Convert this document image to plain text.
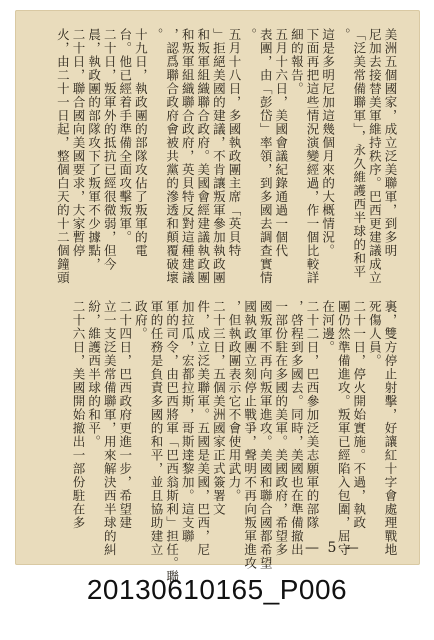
美洲五個國家，成立泛美聯軍，到多明
尼加去接替美軍維持秩序。巴西更建議成立
「泛美常備聯軍」，永久維護西半球的和平
。
這是多明尼加這幾個月來的大概情況。
下面再把這些情況演變經過，作一個比較詳
細的報告。
五月十六日，美國會議紀錄通過一個代
表團，由「彭岱」率領，到多國去調查實情
。
五月十八日，多國執政團主席「英貝特
」拒絕美國的建議，不肯讓叛軍參加執政團
和叛軍組織聯合政府。美國會經建議執政團
和叛軍組織聯合政府，英貝特反對這種建議
，認爲聯合政府會被共黨的滲透和顛覆破壞
。
十九日，執政團的部隊攻佔了叛軍的電
台。他已經着手準備全面攻擊叛軍。
二十日，叛軍外的抵抗已經很微弱，但今
晨，執政團的部隊攻下了叛軍不少據點，
二十日，聯合國向美國要求，大家暫停
火，由二十一日起，整個白天的十二個鐘頭
裏，雙方停止射擊，好讓紅十字會處理戰地
死傷人員。
二十一日，停火開始實施。不過，執政
團仍然準備進攻。叛軍已經陷入包圍，屈守
在河邊。
二十二日，巴西參加泛美志願軍的部隊
，啓程到多國去。同時，美國也在準備撤出
一部份駐在多國的美軍。美國政府，希望多
國叛軍不再向叛軍進攻。美國和聯合國都希望
國執政團立刻停止戰爭，聲明不再向叛軍進攻
，但執政團表示它不會使用武力。
二十三日，五個美洲國家正式簽署文
件，成立泛美聯軍。五國是美國，巴西，尼
加拉瓜，宏都拉斯，哥斯達黎加。這支聯
軍的司令，由巴西將軍「巴西翁斯利」担任。聯
軍的任務是負責多國的和平，並且協助建立
政府。
二十四日，巴西政府更進一步，希望建
立一支泛美常備聯軍，用來解決西半球的糾
紛，維護西半球的和平。
二十六日，美國開始撤出一部份駐在多
— 5 —
20130610165_P006
